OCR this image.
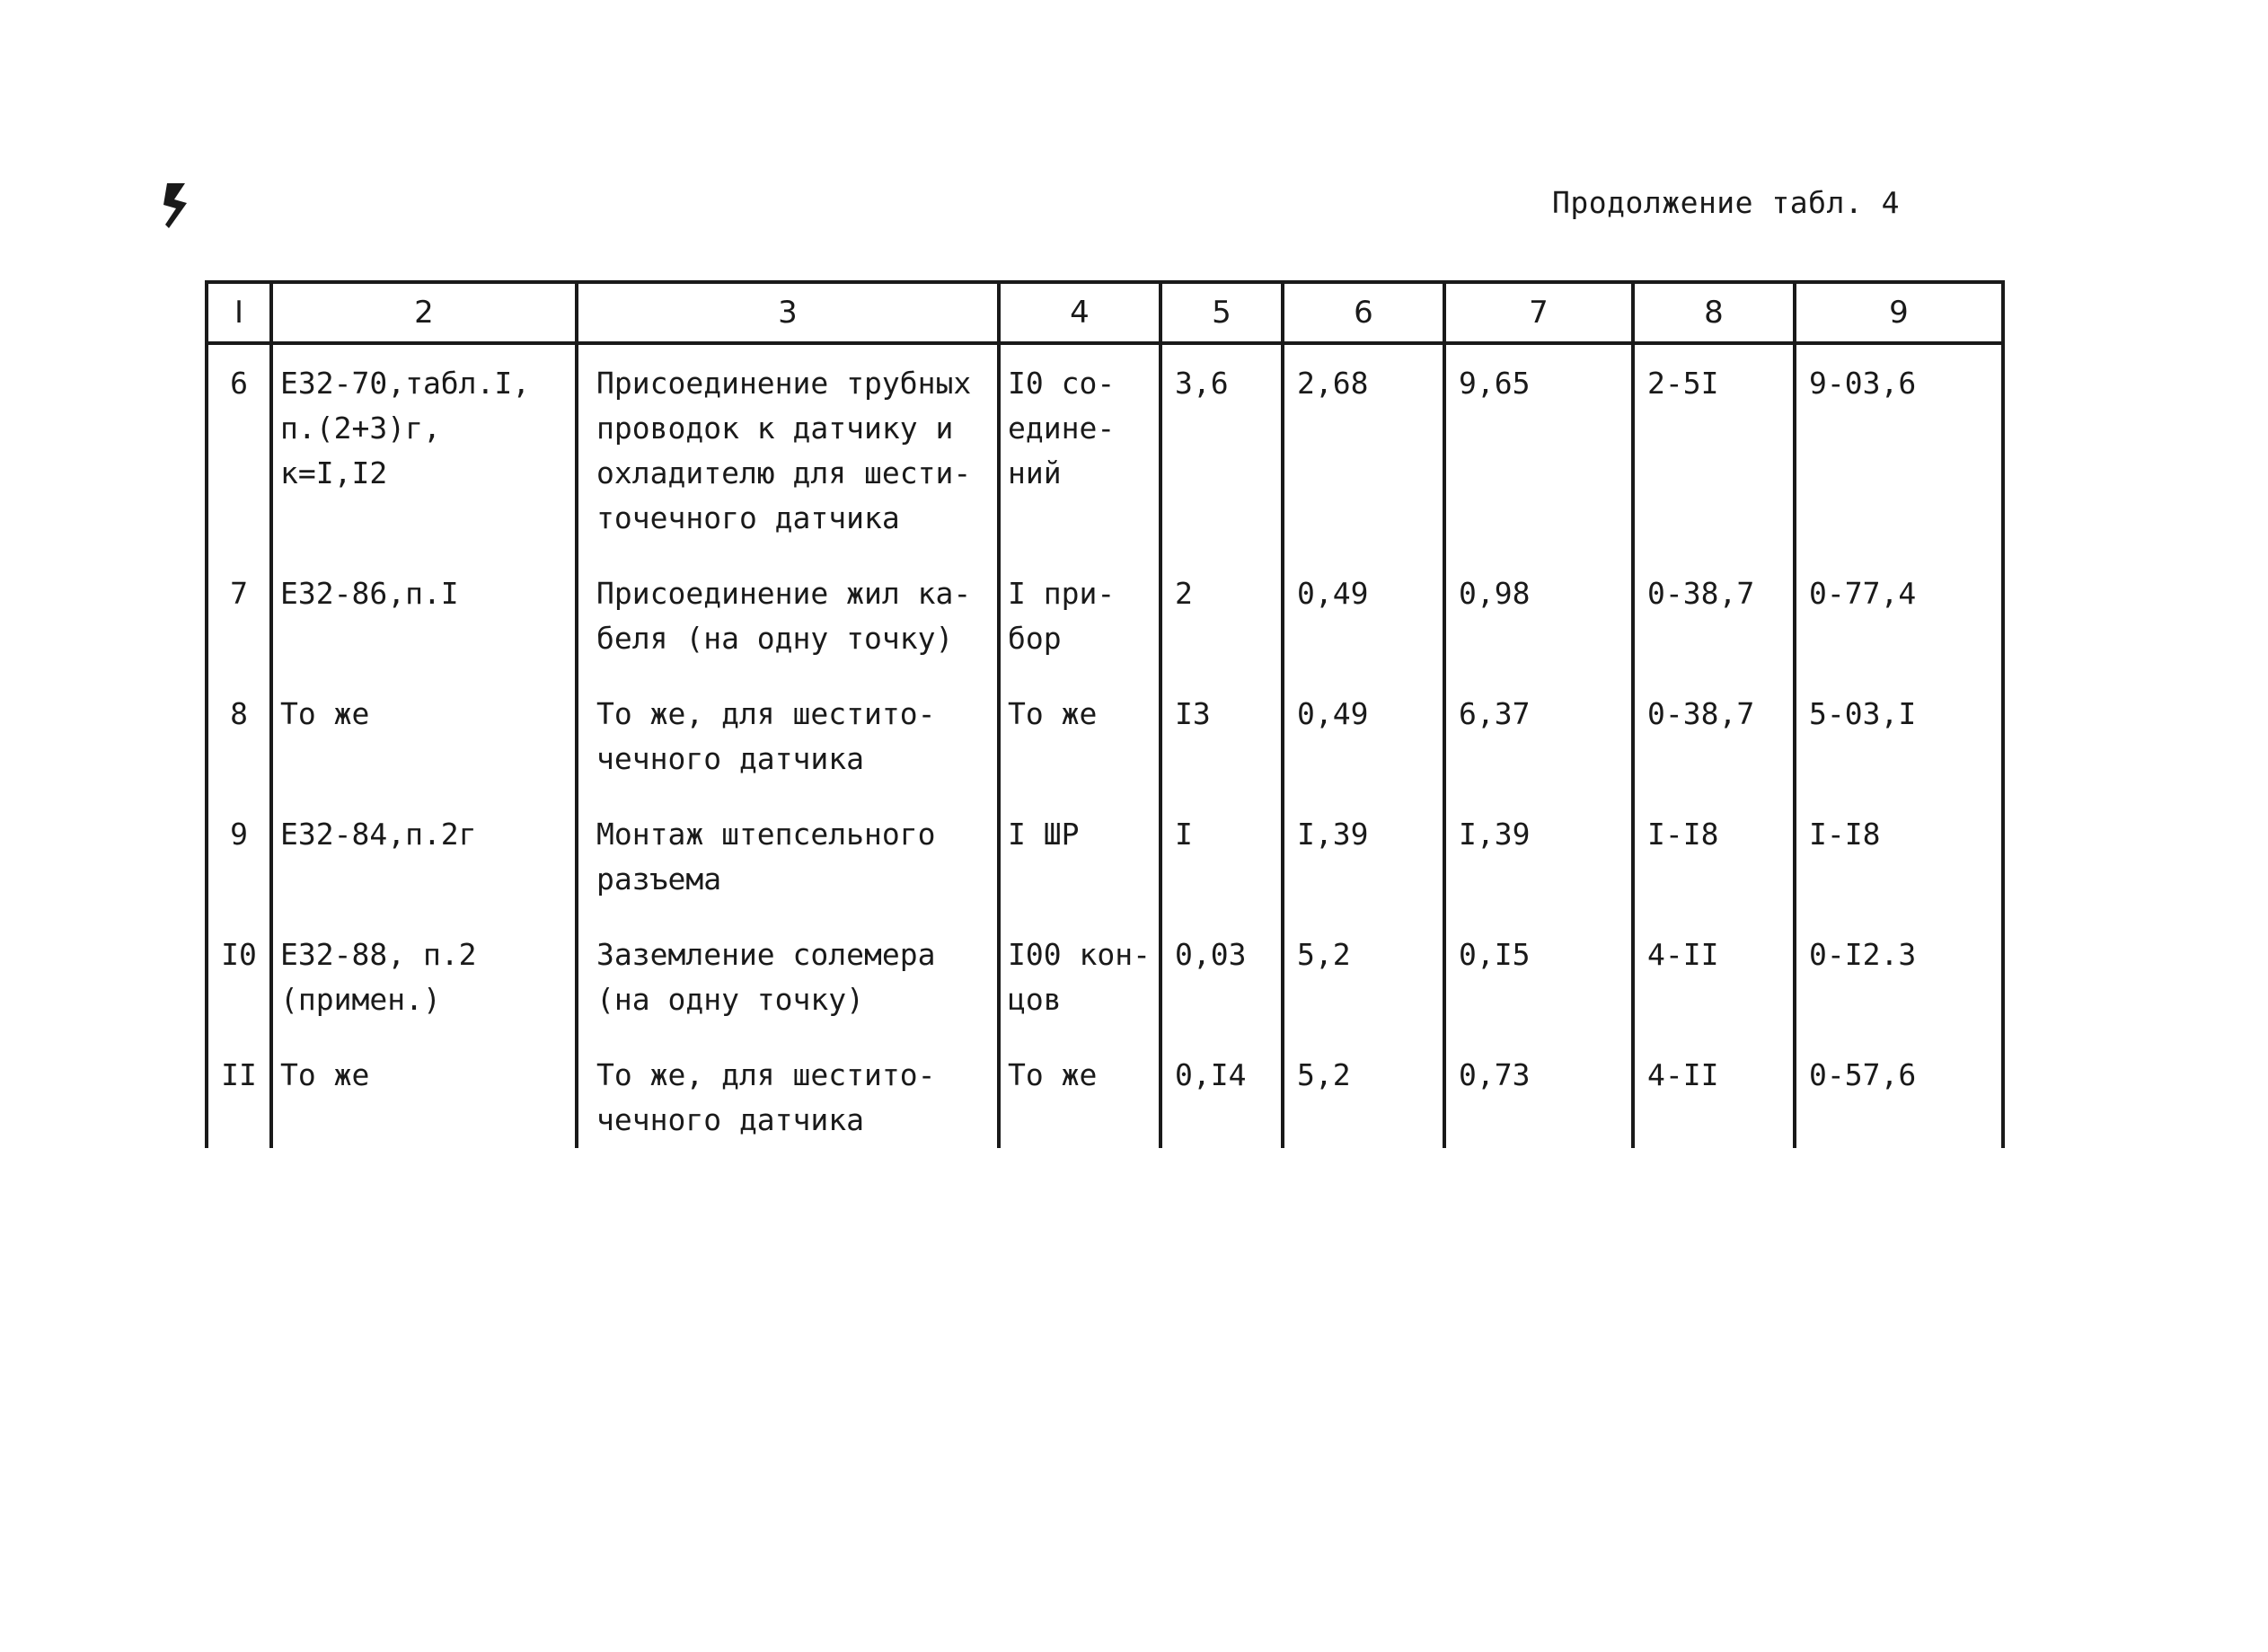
Продолжение табл. 4
I	2	3	4	5	6	7	8	9
6	Е32-70,табл.I,
п.(2+3)г,
к=I,I2	Присоединение трубных
проводок к датчику и
охладителю для шести-
точечного датчика	I0 со-
едине-
ний	3,6	2,68	9,65	2-5I	9-03,6
7	Е32-86,п.I	Присоединение жил ка-
беля (на одну точку)	I при-
бор	2	0,49	0,98	0-38,7	0-77,4
8	То же	То же, для шестито-
чечного датчика	То же	I3	0,49	6,37	0-38,7	5-03,I
9	Е32-84,п.2г	Монтаж штепсельного
разъема	I ШР	I	I,39	I,39	I-I8	I-I8
I0	Е32-88, п.2
(примен.)	Заземление солемера
(на одну точку)	I00 кон-
цов	0,03	5,2	0,I5	4-II	0-I2.3
II	То же	То же, для шестито-
чечного датчика	То же	0,I4	5,2	0,73	4-II	0-57,6
